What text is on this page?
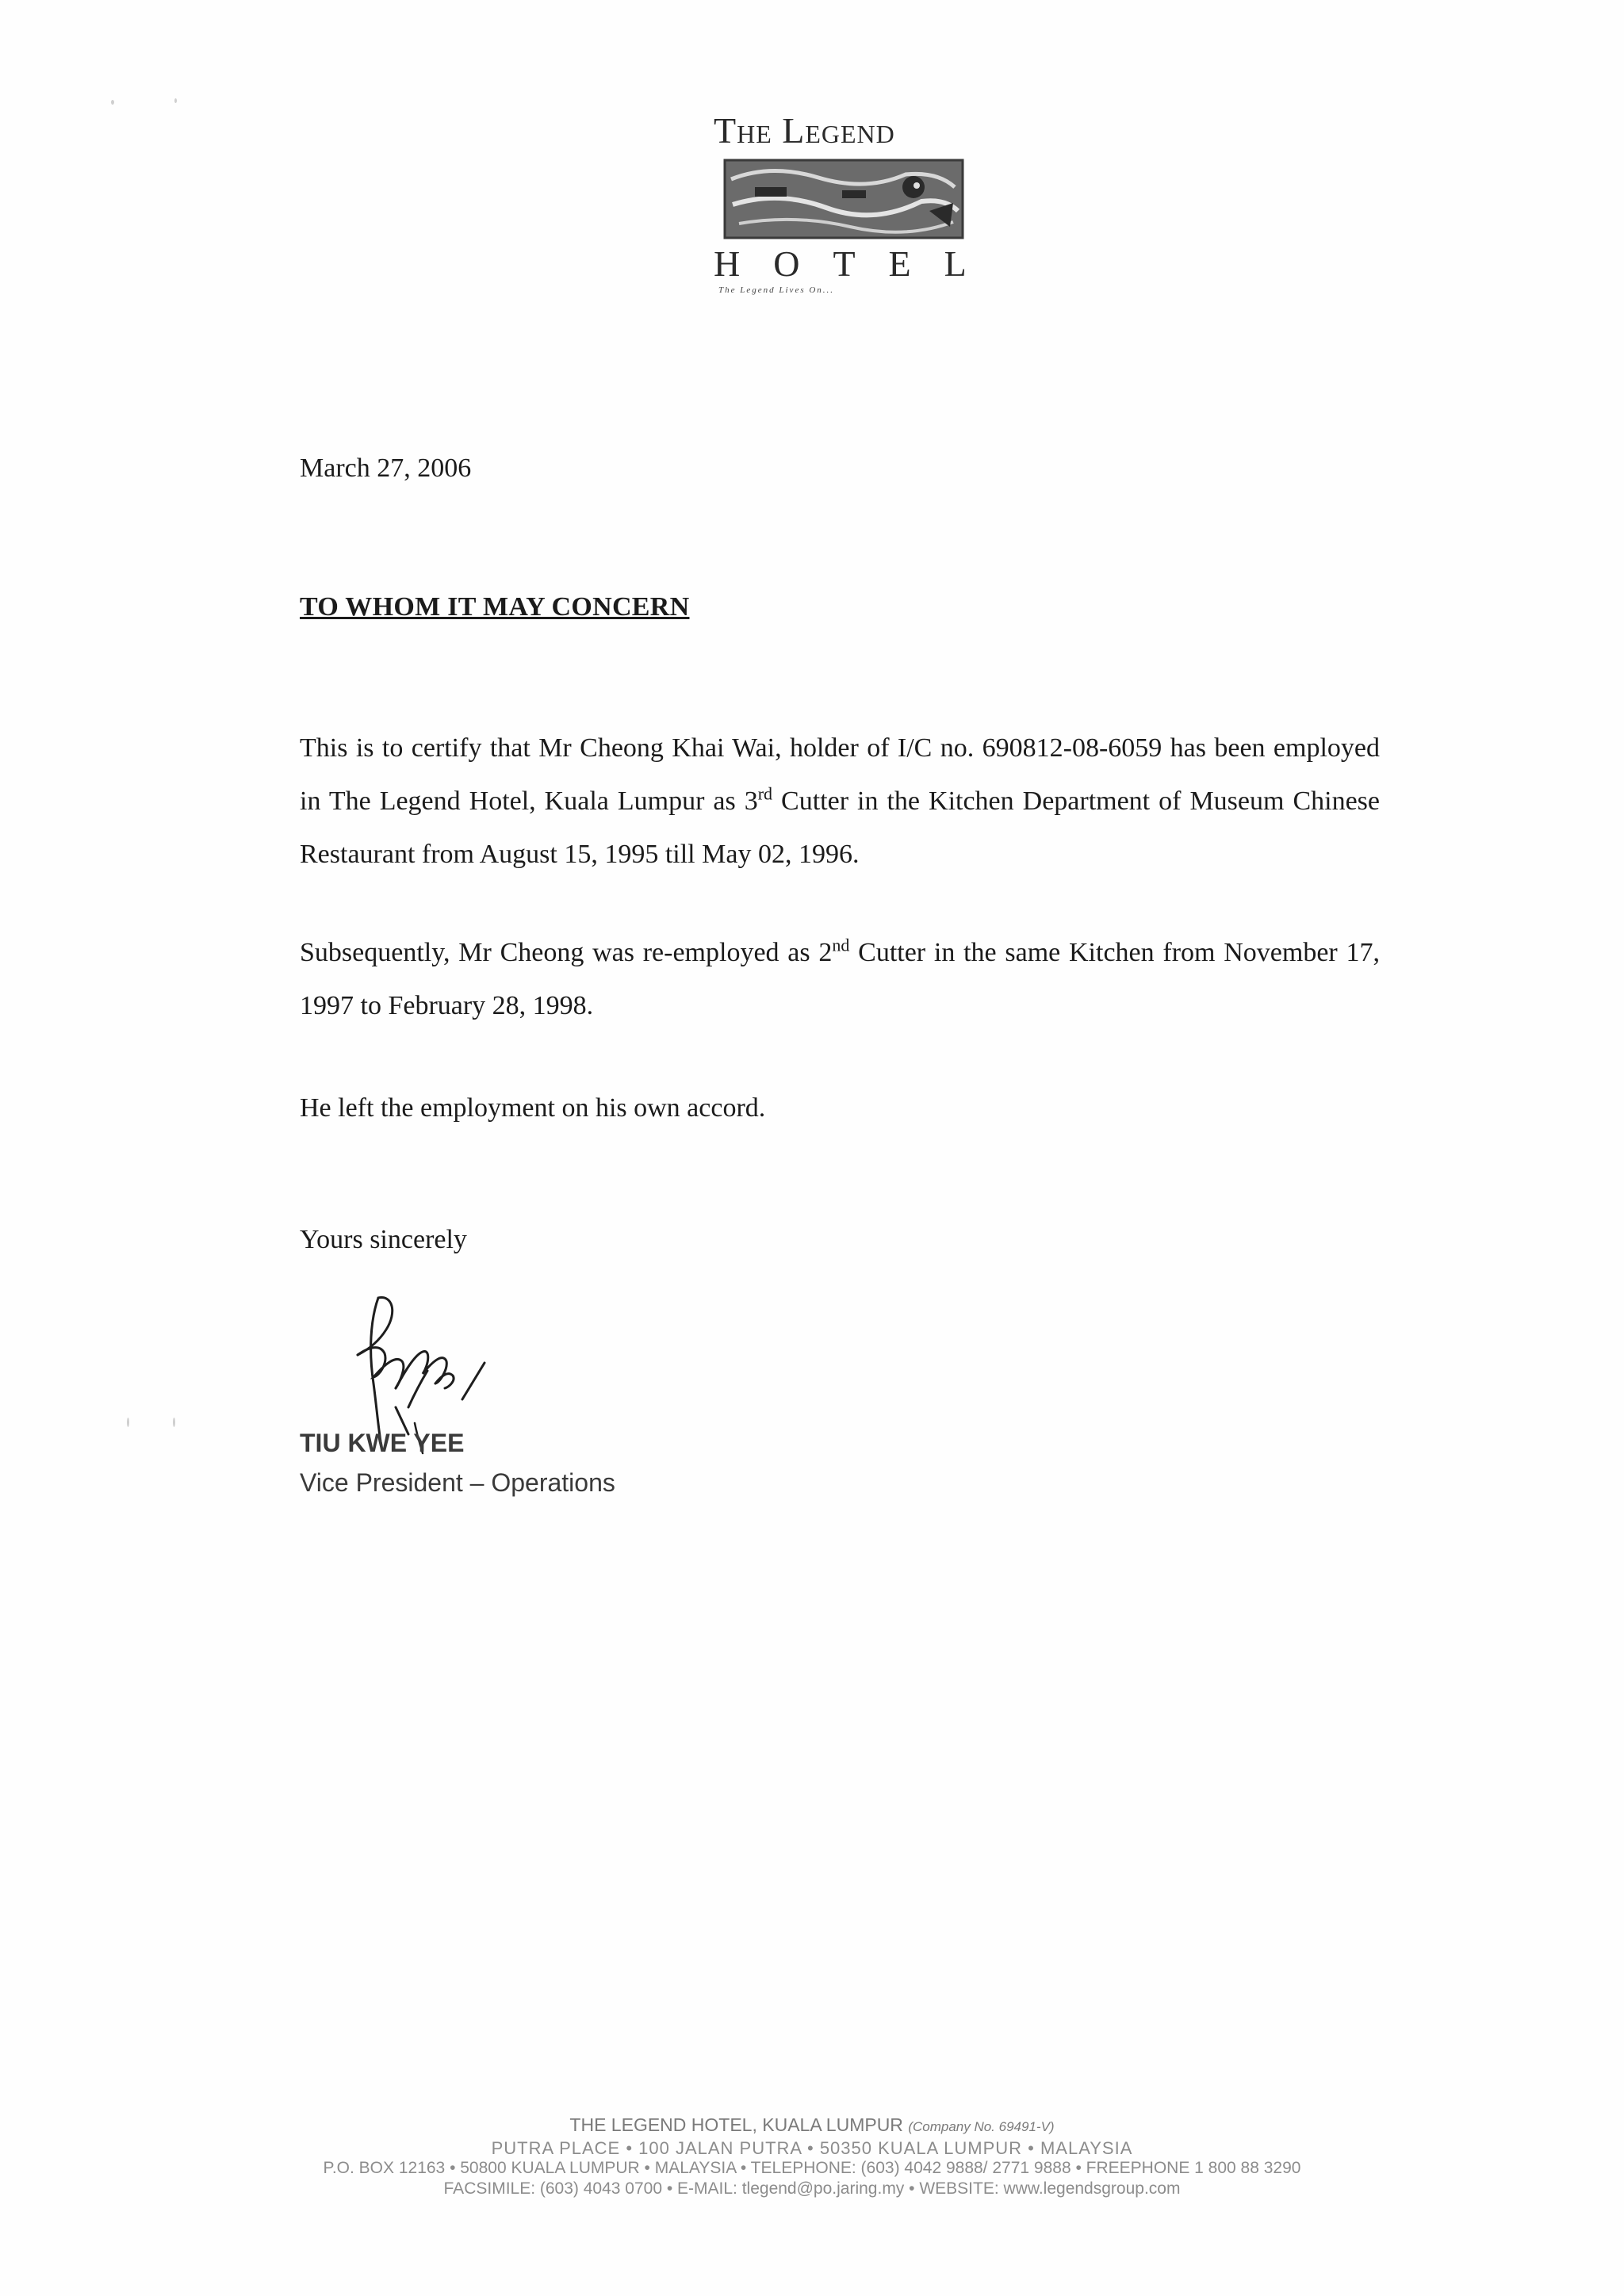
The Legend
HOTEL
The Legend Lives On...
March 27, 2006
TO WHOM IT MAY CONCERN
This is to certify that Mr Cheong Khai Wai, holder of I/C no. 690812-08-6059 has been employed in The Legend Hotel, Kuala Lumpur as 3rd Cutter in the Kitchen Department of Museum Chinese Restaurant from August 15, 1995 till May 02, 1996.
Subsequently, Mr Cheong was re-employed as 2nd Cutter in the same Kitchen from November 17, 1997 to February 28, 1998.
He left the employment on his own accord.
Yours sincerely
TIU KWE YEE
Vice President – Operations
THE LEGEND HOTEL, KUALA LUMPUR (Company No. 69491-V)
PUTRA PLACE • 100 JALAN PUTRA • 50350 KUALA LUMPUR • MALAYSIA
P.O. BOX 12163 • 50800 KUALA LUMPUR • MALAYSIA • TELEPHONE: (603) 4042 9888/ 2771 9888 • FREEPHONE 1 800 88 3290
FACSIMILE: (603) 4043 0700 • E-MAIL: tlegend@po.jaring.my • WEBSITE: www.legendsgroup.com
